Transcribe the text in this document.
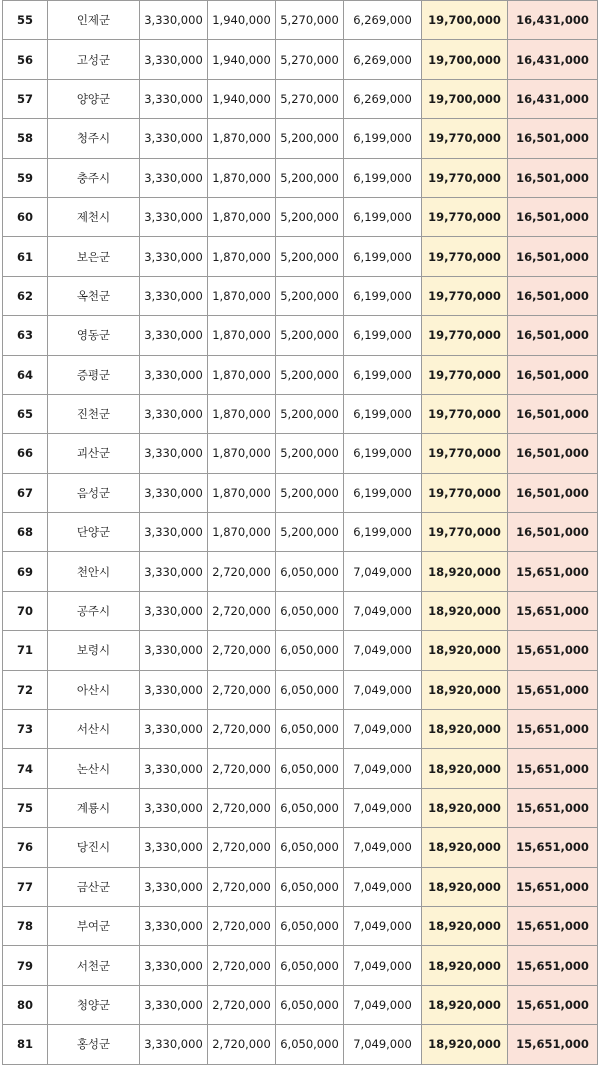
55	인제군	3,330,000	1,940,000	5,270,000	6,269,000	19,700,000	16,431,000
56	고성군	3,330,000	1,940,000	5,270,000	6,269,000	19,700,000	16,431,000
57	양양군	3,330,000	1,940,000	5,270,000	6,269,000	19,700,000	16,431,000
58	청주시	3,330,000	1,870,000	5,200,000	6,199,000	19,770,000	16,501,000
59	충주시	3,330,000	1,870,000	5,200,000	6,199,000	19,770,000	16,501,000
60	제천시	3,330,000	1,870,000	5,200,000	6,199,000	19,770,000	16,501,000
61	보은군	3,330,000	1,870,000	5,200,000	6,199,000	19,770,000	16,501,000
62	옥천군	3,330,000	1,870,000	5,200,000	6,199,000	19,770,000	16,501,000
63	영동군	3,330,000	1,870,000	5,200,000	6,199,000	19,770,000	16,501,000
64	증평군	3,330,000	1,870,000	5,200,000	6,199,000	19,770,000	16,501,000
65	진천군	3,330,000	1,870,000	5,200,000	6,199,000	19,770,000	16,501,000
66	괴산군	3,330,000	1,870,000	5,200,000	6,199,000	19,770,000	16,501,000
67	음성군	3,330,000	1,870,000	5,200,000	6,199,000	19,770,000	16,501,000
68	단양군	3,330,000	1,870,000	5,200,000	6,199,000	19,770,000	16,501,000
69	천안시	3,330,000	2,720,000	6,050,000	7,049,000	18,920,000	15,651,000
70	공주시	3,330,000	2,720,000	6,050,000	7,049,000	18,920,000	15,651,000
71	보령시	3,330,000	2,720,000	6,050,000	7,049,000	18,920,000	15,651,000
72	아산시	3,330,000	2,720,000	6,050,000	7,049,000	18,920,000	15,651,000
73	서산시	3,330,000	2,720,000	6,050,000	7,049,000	18,920,000	15,651,000
74	논산시	3,330,000	2,720,000	6,050,000	7,049,000	18,920,000	15,651,000
75	계룡시	3,330,000	2,720,000	6,050,000	7,049,000	18,920,000	15,651,000
76	당진시	3,330,000	2,720,000	6,050,000	7,049,000	18,920,000	15,651,000
77	금산군	3,330,000	2,720,000	6,050,000	7,049,000	18,920,000	15,651,000
78	부여군	3,330,000	2,720,000	6,050,000	7,049,000	18,920,000	15,651,000
79	서천군	3,330,000	2,720,000	6,050,000	7,049,000	18,920,000	15,651,000
80	청양군	3,330,000	2,720,000	6,050,000	7,049,000	18,920,000	15,651,000
81	홍성군	3,330,000	2,720,000	6,050,000	7,049,000	18,920,000	15,651,000
